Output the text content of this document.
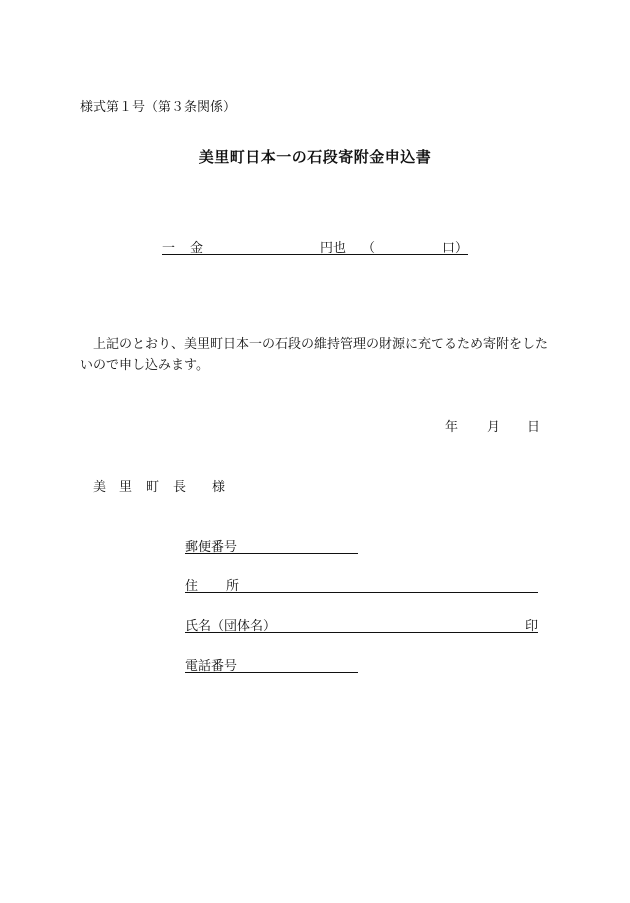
様式第１号（第３条関係）
美里町日本一の石段寄附金申込書
一 金	円也 （	口）
上記のとおり、美里町日本一の石段の維持管理の財源に充てるため寄附をしたいので申し込みます。
年 月 日
美 里 町 長 様
郵便番号
住 所
氏名（団体名）	印
電話番号
